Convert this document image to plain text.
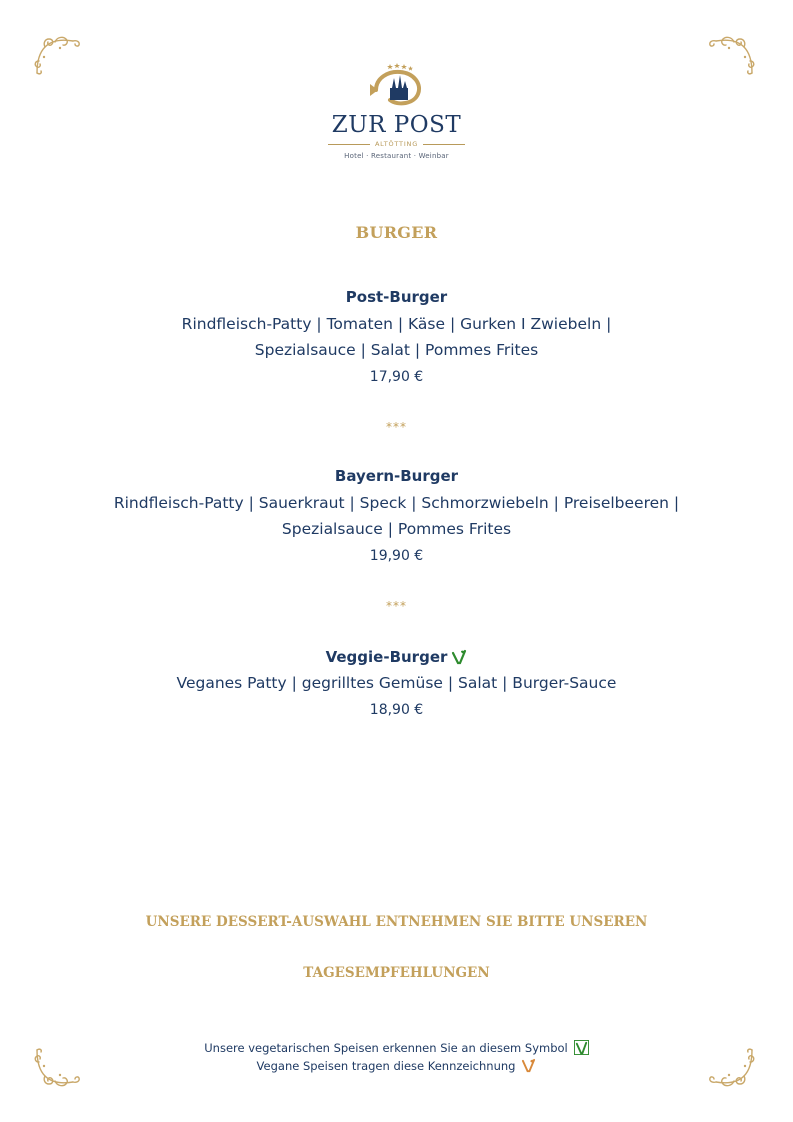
ZUR POST
ALTÖTTING
Hotel · Restaurant · Weinbar
BURGER
Post-Burger
Rindfleisch-Patty | Tomaten | Käse | Gurken I Zwiebeln |
Spezialsauce | Salat | Pommes Frites
17,90 €
***
Bayern-Burger
Rindfleisch-Patty | Sauerkraut | Speck | Schmorzwiebeln | Preiselbeeren |
Spezialsauce | Pommes Frites
19,90 €
***
Veggie-Burger
Veganes Patty | gegrilltes Gemüse | Salat | Burger-Sauce
18,90 €
UNSERE DESSERT-AUSWAHL ENTNEHMEN SIE BITTE UNSEREN
TAGESEMPFEHLUNGEN
Unsere vegetarischen Speisen erkennen Sie an diesem Symbol
Vegane Speisen tragen diese Kennzeichnung
